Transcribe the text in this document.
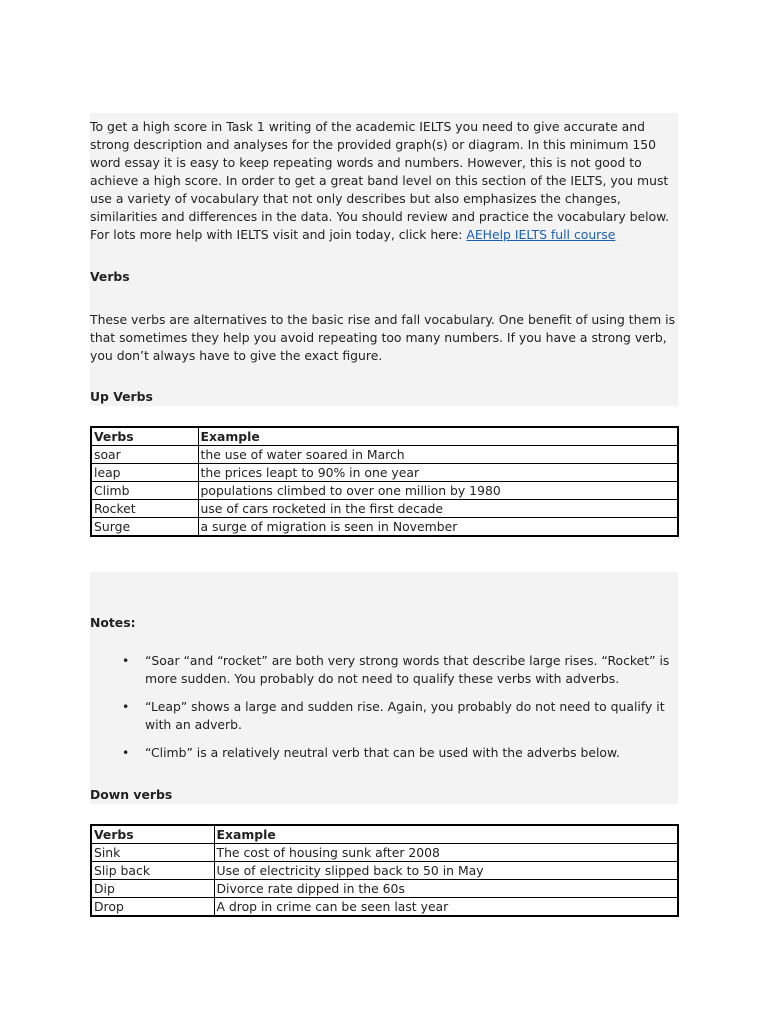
To get a high score in Task 1 writing of the academic IELTS you need to give accurate and strong description and analyses for the provided graph(s) or diagram. In this minimum 150 word essay it is easy to keep repeating words and numbers. However, this is not good to achieve a high score. In order to get a great band level on this section of the IELTS, you must use a variety of vocabulary that not only describes but also emphasizes the changes, similarities and differences in the data. You should review and practice the vocabulary below. For lots more help with IELTS visit and join today, click here: AEHelp IELTS full course

Verbs

These verbs are alternatives to the basic rise and fall vocabulary. One benefit of using them is that sometimes they help you avoid repeating too many numbers. If you have a strong verb, you don’t always have to give the exact figure.

Up Verbs
Verbs	Example
soar	the use of water soared in March
leap	the prices leapt to 90% in one year
Climb	populations climbed to over one million by 1980
Rocket	use of cars rocketed in the first decade
Surge	a surge of migration is seen in November
Notes:
• “Soar “and “rocket” are both very strong words that describe large rises. “Rocket” is more sudden. You probably do not need to qualify these verbs with adverbs.
• “Leap” shows a large and sudden rise. Again, you probably do not need to qualify it with an adverb.
• “Climb” is a relatively neutral verb that can be used with the adverbs below.
Down verbs
Verbs	Example
Sink	The cost of housing sunk after 2008
Slip back	Use of electricity slipped back to 50 in May
Dip	Divorce rate dipped in the 60s
Drop	A drop in crime can be seen last year
